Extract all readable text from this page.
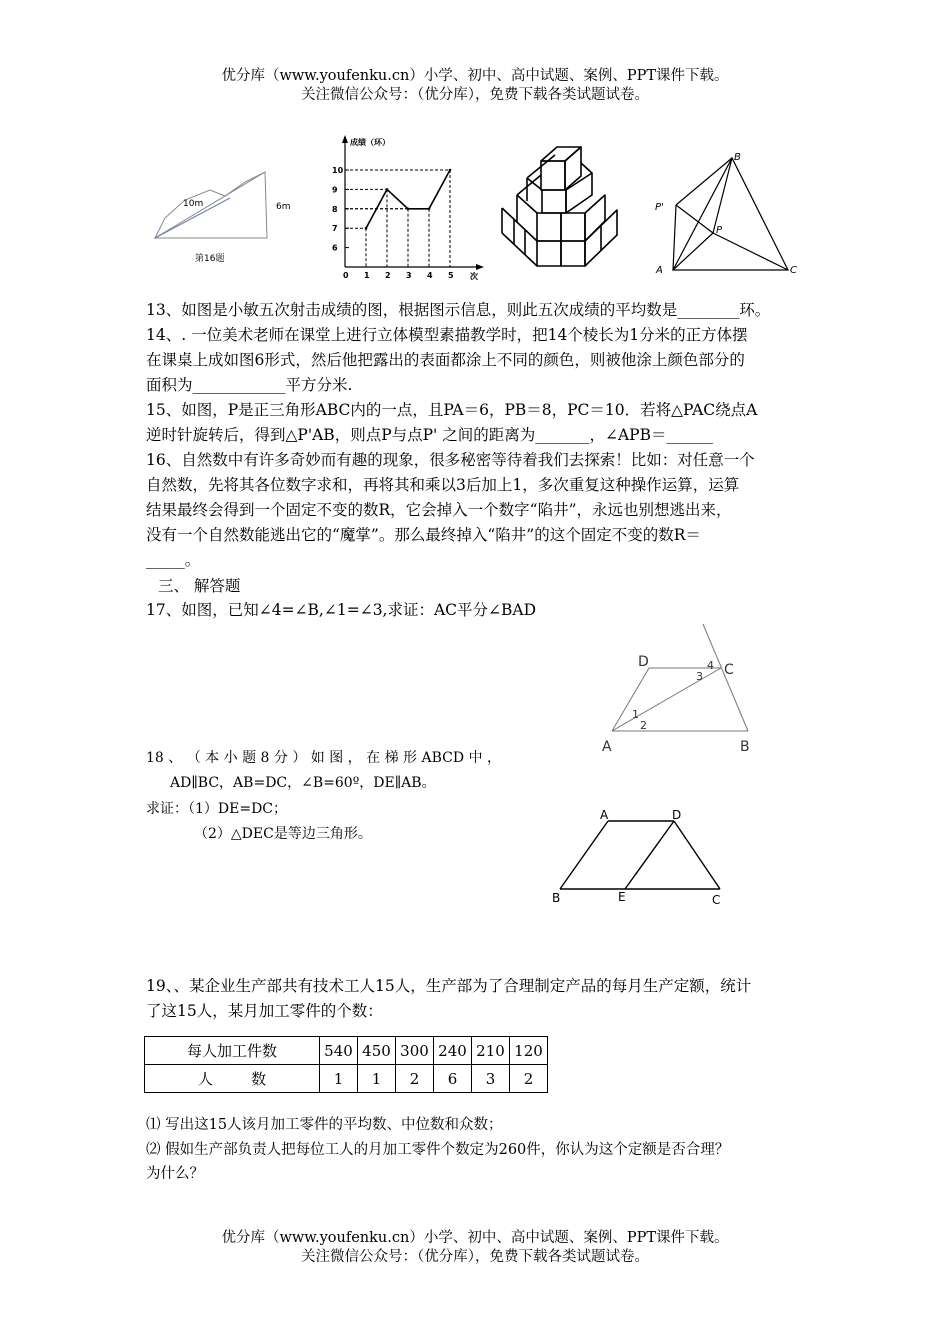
优分库（www.youfenku.cn）小学、初中、高中试题、案例、PPT课件下载。
关注微信公众号：（优分库），免费下载各类试题试卷。
10m	6m
第16题
成绩（环）
次
6
7
8
9
10
0 1 2 3 4 5
B
A	C
P
P'
13、如图是小敏五次射击成绩的图，根据图示信息，则此五次成绩的平均数是________环。
14、. 一位美术老师在课堂上进行立体模型素描教学时，把14个棱长为1分米的正方体摆
在课桌上成如图6形式，然后他把露出的表面都涂上不同的颜色，则被他涂上颜色部分的
面积为____________平方分米.
15、如图，P是正三角形ABC内的一点，且PA＝6，PB＝8，PC＝10．若将△PAC绕点A
逆时针旋转后，得到△P'AB，则点P与点P' 之间的距离为_______，∠APB＝______
16、自然数中有许多奇妙而有趣的现象，很多秘密等待着我们去探索！比如：对任意一个
自然数，先将其各位数字求和，再将其和乘以3后加上1，多次重复这种操作运算，运算
结果最终会得到一个固定不变的数R，它会掉入一个数字“陷井”，永远也别想逃出来，
没有一个自然数能逃出它的“魔掌”。那么最终掉入“陷井”的这个固定不变的数R＝
_____。
三、 解答题
17、如图，已知∠4=∠B,∠1=∠3,求证：AC平分∠BAD
D	C
A	B
4
3
1
2
18 、 （ 本 小 题 8 分 ） 如 图 ， 在 梯 形 ABCD 中 ，
AD∥BC，AB=DC，∠B=60º，DE∥AB。
求证：（1）DE=DC；
（2）△DEC是等边三角形。
A	D
B	E	C
19、、某企业生产部共有技术工人15人，生产部为了合理制定产品的每月生产定额，统计
了这15人，某月加工零件的个数：
每人加工件数	540	450	300	240	210	120
人        数	1	1	2	6	3	2
⑴ 写出这15人该月加工零件的平均数、中位数和众数；
⑵ 假如生产部负责人把每位工人的月加工零件个数定为260件，你认为这个定额是否合理？
为什么？
优分库（www.youfenku.cn）小学、初中、高中试题、案例、PPT课件下载。
关注微信公众号：（优分库），免费下载各类试题试卷。
